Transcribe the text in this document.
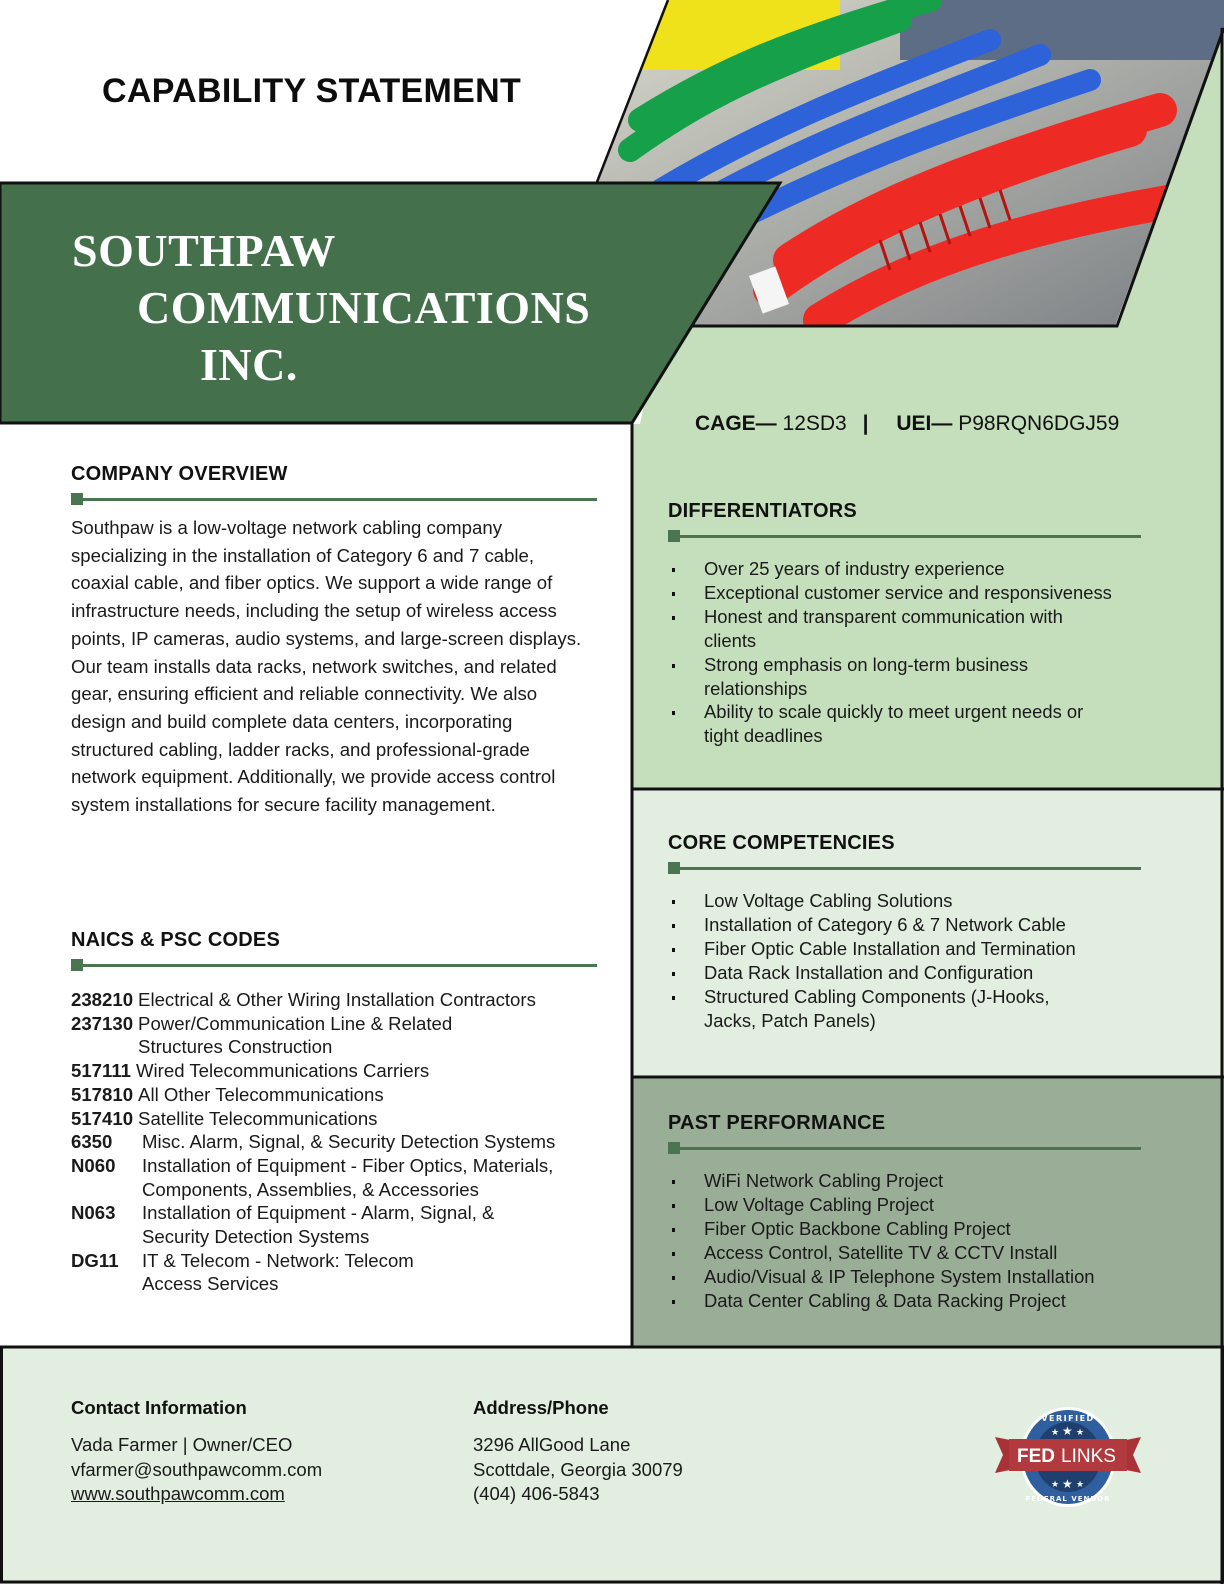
CAPABILITY STATEMENT
SOUTHPAW
COMMUNICATIONS
INC.
CAGE— 12SD3 | UEI— P98RQN6DGJ59
COMPANY OVERVIEW
Southpaw is a low-voltage network cabling company specializing in the installation of Category 6 and 7 cable, coaxial cable, and fiber optics. We support a wide range of infrastructure needs, including the setup of wireless access points, IP cameras, audio systems, and large-screen displays.
Our team installs data racks, network switches, and related gear, ensuring efficient and reliable connectivity. We also design and build complete data centers, incorporating structured cabling, ladder racks, and professional-grade network equipment. Additionally, we provide access control system installations for secure facility management.
NAICS & PSC CODES
238210 Electrical & Other Wiring Installation Contractors
237130 Power/Communication Line & Related Structures Construction
517111 Wired Telecommunications Carriers
517810 All Other Telecommunications
517410 Satellite Telecommunications
6350	Misc. Alarm, Signal, & Security Detection Systems
N060	Installation of Equipment - Fiber Optics, Materials, Components, Assemblies, & Accessories
N063	Installation of Equipment - Alarm, Signal, & Security Detection Systems
DG11	IT & Telecom - Network: Telecom Access Services
DIFFERENTIATORS
Over 25 years of industry experience
Exceptional customer service and responsiveness
Honest and transparent communication with clients
Strong emphasis on long-term business relationships
Ability to scale quickly to meet urgent needs or tight deadlines
CORE COMPETENCIES
Low Voltage Cabling Solutions
Installation of Category 6 & 7 Network Cable
Fiber Optic Cable Installation and Termination
Data Rack Installation and Configuration
Structured Cabling Components (J-Hooks, Jacks, Patch Panels)
PAST PERFORMANCE
WiFi Network Cabling Project
Low Voltage Cabling Project
Fiber Optic Backbone Cabling Project
Access Control, Satellite TV & CCTV Install
Audio/Visual & IP Telephone System Installation
Data Center Cabling & Data Racking Project
Contact Information
Vada Farmer | Owner/CEO
vfarmer@southpawcomm.com
www.southpawcomm.com
Address/Phone
3296 AllGood Lane
Scottdale, Georgia 30079
(404) 406-5843
VERIFIED
★ ★ ★
FED LINKS
★ ★ ★
FEDERAL VENDOR
